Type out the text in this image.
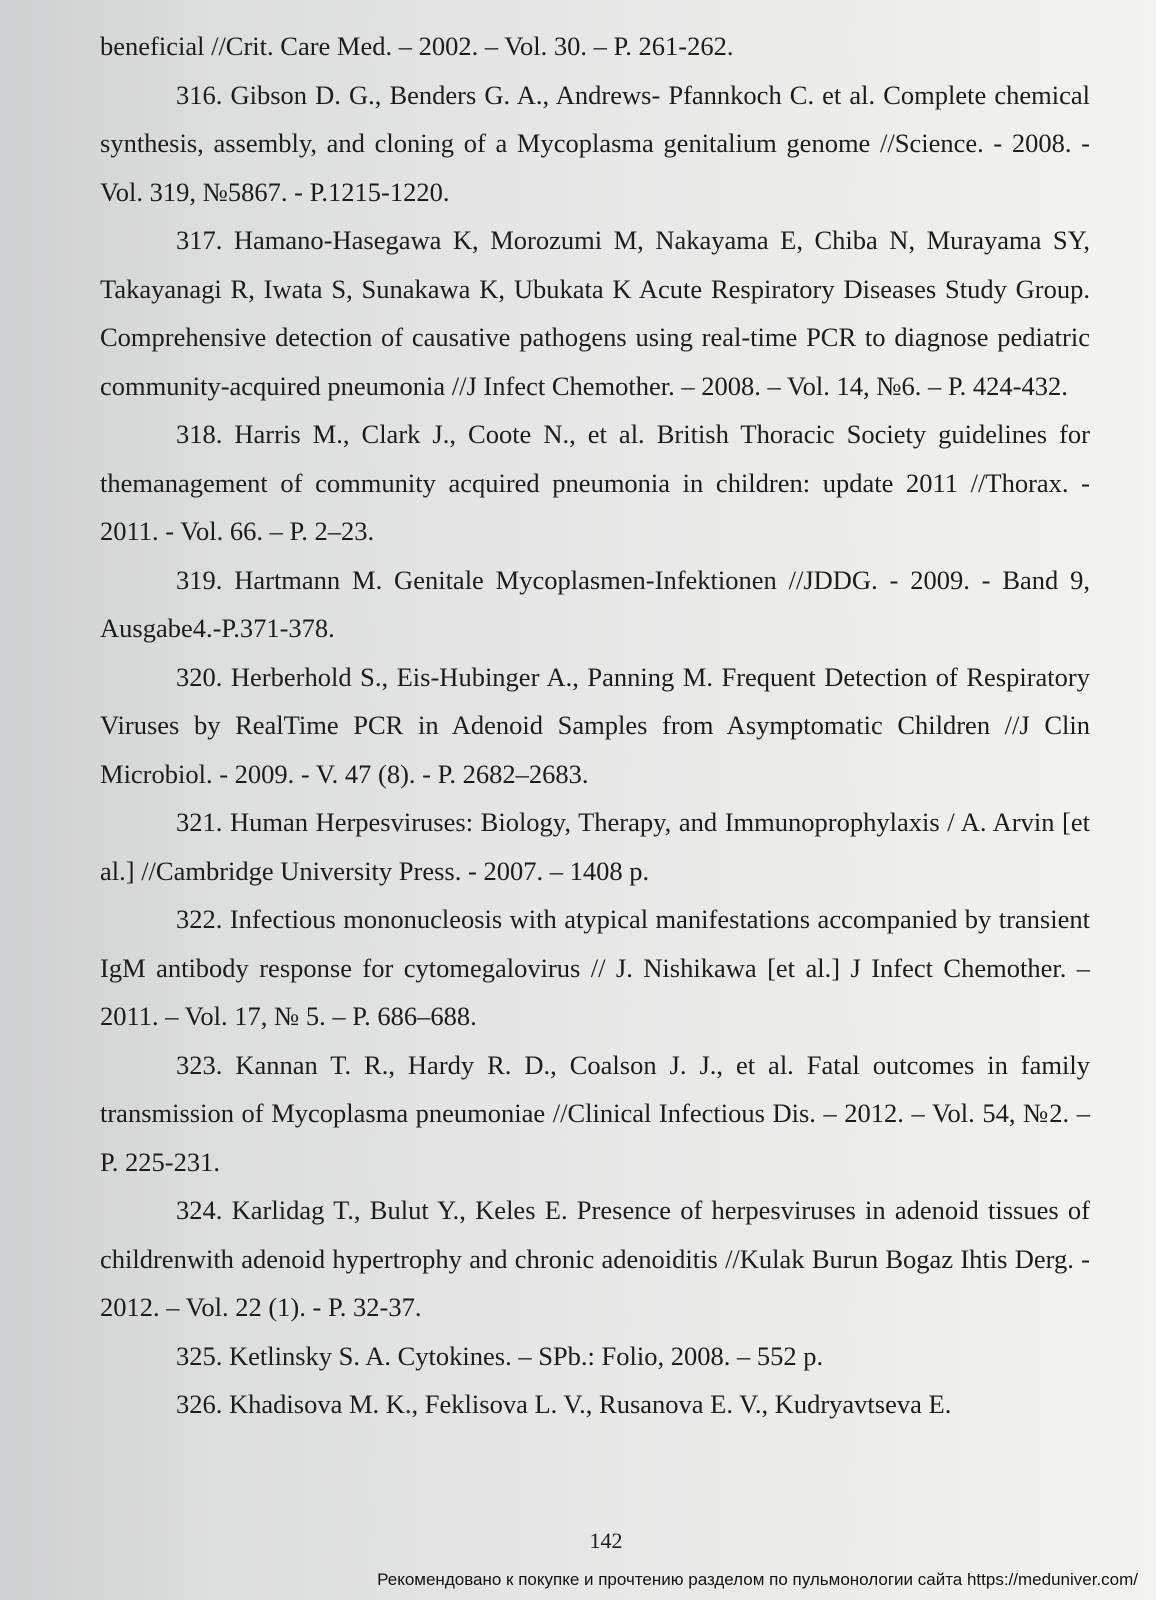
beneficial //Crit. Care Med. – 2002. – Vol. 30. – P. 261-262.

316. Gibson D. G., Benders G. A., Andrews- Pfannkoch C. et al. Complete chemical synthesis, assembly, and cloning of a Mycoplasma genitalium genome //Science. - 2008. - Vol. 319, №5867. - P.1215-1220.

317. Hamano-Hasegawa K, Morozumi M, Nakayama E, Chiba N, Murayama SY, Takayanagi R, Iwata S, Sunakawa K, Ubukata K Acute Respiratory Diseases Study Group. Comprehensive detection of causative pathogens using real-time PCR to diagnose pediatric community-acquired pneumonia //J Infect Chemother. – 2008. – Vol. 14, №6. – P. 424-432.

318. Harris M., Clark J., Coote N., et al. British Thoracic Society guidelines for themanagement of community acquired pneumonia in children: update 2011 //Thorax. - 2011. - Vol. 66. – P. 2–23.

319. Hartmann M. Genitale Mycoplasmen-Infektionen //JDDG. - 2009. - Band 9, Ausgabe4.-P.371-378.

320. Herberhold S., Eis-Hubinger A., Panning M. Frequent Detection of Respiratory Viruses by RealTime PCR in Adenoid Samples from Asymptomatic Children //J Clin Microbiol. - 2009. - V. 47 (8). - P. 2682–2683.

321. Human Herpesviruses: Biology, Therapy, and Immunoprophylaxis / A. Arvin [et al.] //Cambridge University Press. - 2007. – 1408 p.

322. Infectious mononucleosis with atypical manifestations accompanied by transient IgM antibody response for cytomegalovirus // J. Nishikawa [et al.] J Infect Chemother. – 2011. – Vol. 17, № 5. – P. 686–688.

323. Kannan T. R., Hardy R. D., Coalson J. J., et al. Fatal outcomes in family transmission of Mycoplasma pneumoniae //Clinical Infectious Dis. – 2012. – Vol. 54, №2. – P. 225-231.

324. Karlidag T., Bulut Y., Keles E. Presence of herpesviruses in adenoid tissues of childrenwith adenoid hypertrophy and chronic adenoiditis //Kulak Burun Bogaz Ihtis Derg. - 2012. – Vol. 22 (1). - P. 32-37.

325. Ketlinsky S. A. Cytokines. – SPb.: Folio, 2008. – 552 p.

326. Khadisova M. K., Feklisova L. V., Rusanova E. V., Kudryavtseva E.

142
Рекомендовано к покупке и прочтению разделом по пульмонологии сайта https://meduniver.com/
